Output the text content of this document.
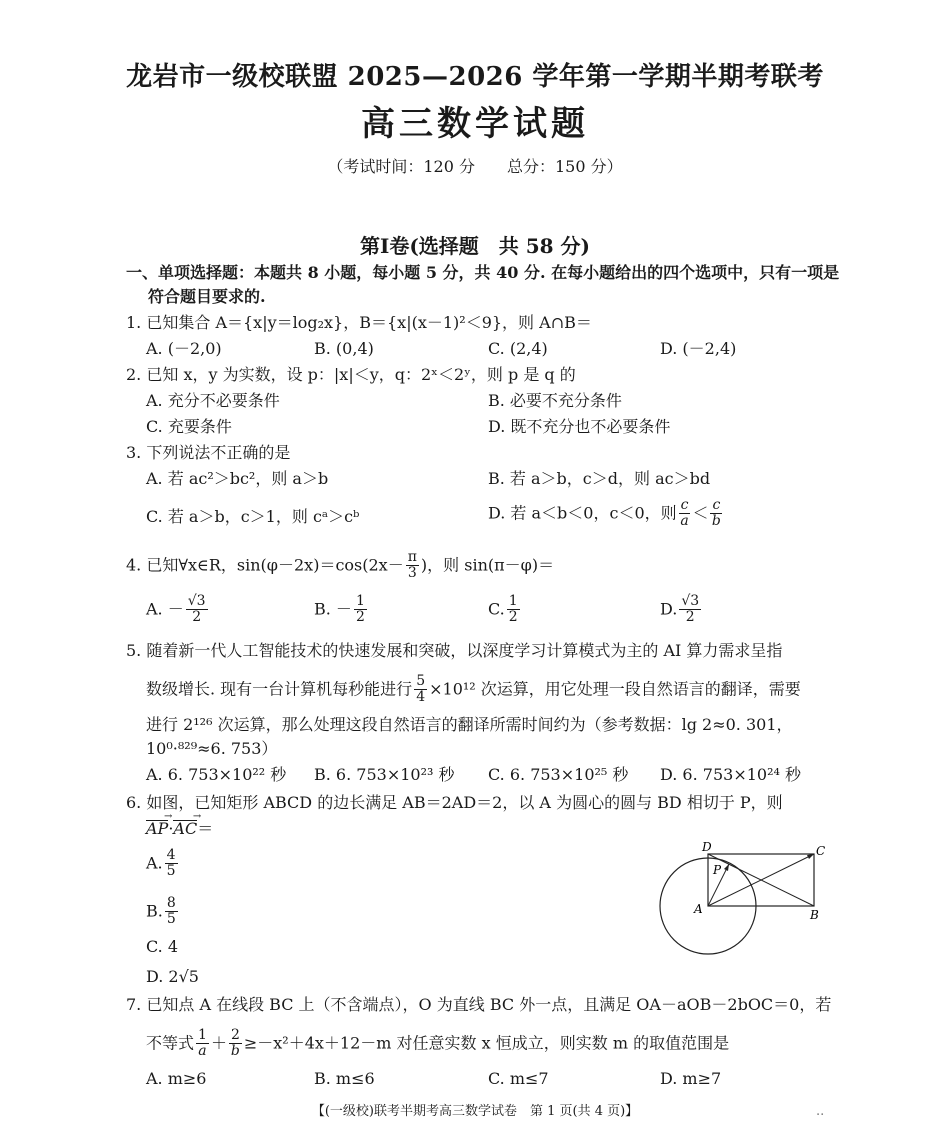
龙岩市一级校联盟 2025—2026 学年第一学期半期考联考
高三数学试题
（考试时间：120 分　　总分：150 分）
第Ⅰ卷(选择题　共 58 分)
一、单项选择题：本题共 8 小题，每小题 5 分，共 40 分. 在每小题给出的四个选项中，只有一项是
符合题目要求的.
1. 已知集合 A＝{x|y＝log₂x}，B＝{x|(x－1)²＜9}，则 A∩B＝
A. (－2,0)	B. (0,4)	C. (2,4)	D. (－2,4)
2. 已知 x，y 为实数，设 p：|x|＜y，q：2ˣ＜2ʸ，则 p 是 q 的
A. 充分不必要条件	B. 必要不充分条件
C. 充要条件	D. 既不充分也不必要条件
3. 下列说法不正确的是
A. 若 ac²＞bc²，则 a＞b	B. 若 a＞b，c＞d，则 ac＞bd
C. 若 a＞b，c＞1，则 cᵃ＞cᵇ	D. 若 a＜b＜0，c＜0，则 $\frac{c}{a} < \frac{c}{b}$
4. 已知∀x∈R，$\sin(\varphi-2x)=\cos(2x- \frac{\pi}{3}$ )，则 sin(π－φ)＝
A. － $\frac{√3}{2}$	B. － $\frac{1}{2}$	C. $\frac{1}{2}$	D. $\frac{√3}{2}$
5. 随着新一代人工智能技术的快速发展和突破，以深度学习计算模式为主的 AI 算力需求呈指
数级增长. 现有一台计算机每秒能进行 $\frac{5}{4} \times 10^{12}$ 次运算，用它处理一段自然语言的翻译，需要
进行 2¹²⁶ 次运算，那么处理这段自然语言的翻译所需时间约为（参考数据：lg 2≈0. 301，
10⁰·⁸²⁹≈6. 753）
A. 6. 753×10²² 秒 B. 6. 753×10²³ 秒 C. 6. 753×10²⁵ 秒 D. 6. 753×10²⁴ 秒
6. 如图，已知矩形 ABCD 的边长满足 AB＝2AD＝2，以 A 为圆心的圆与 BD 相切于 P，则
AP →·AC →＝
A. $\frac{4}{5}$
B. $\frac{8}{5}$
C. 4
D. 2√5
D	C
A	B
P
7. 已知点 A 在线段 BC 上（不含端点），O 为直线 BC 外一点，且满足 OA－aOB－2bOC＝0，若
不等式 $\frac{1}{a} + \frac{2}{b} \ge-x^2+4x+12-m$ 对任意实数 x 恒成立，则实数 m 的取值范围是
A. m≥6	B. m≤6	C. m≤7	D. m≥7
【(一级校)联考半期考高三数学试卷　第 1 页(共 4 页)】	..
